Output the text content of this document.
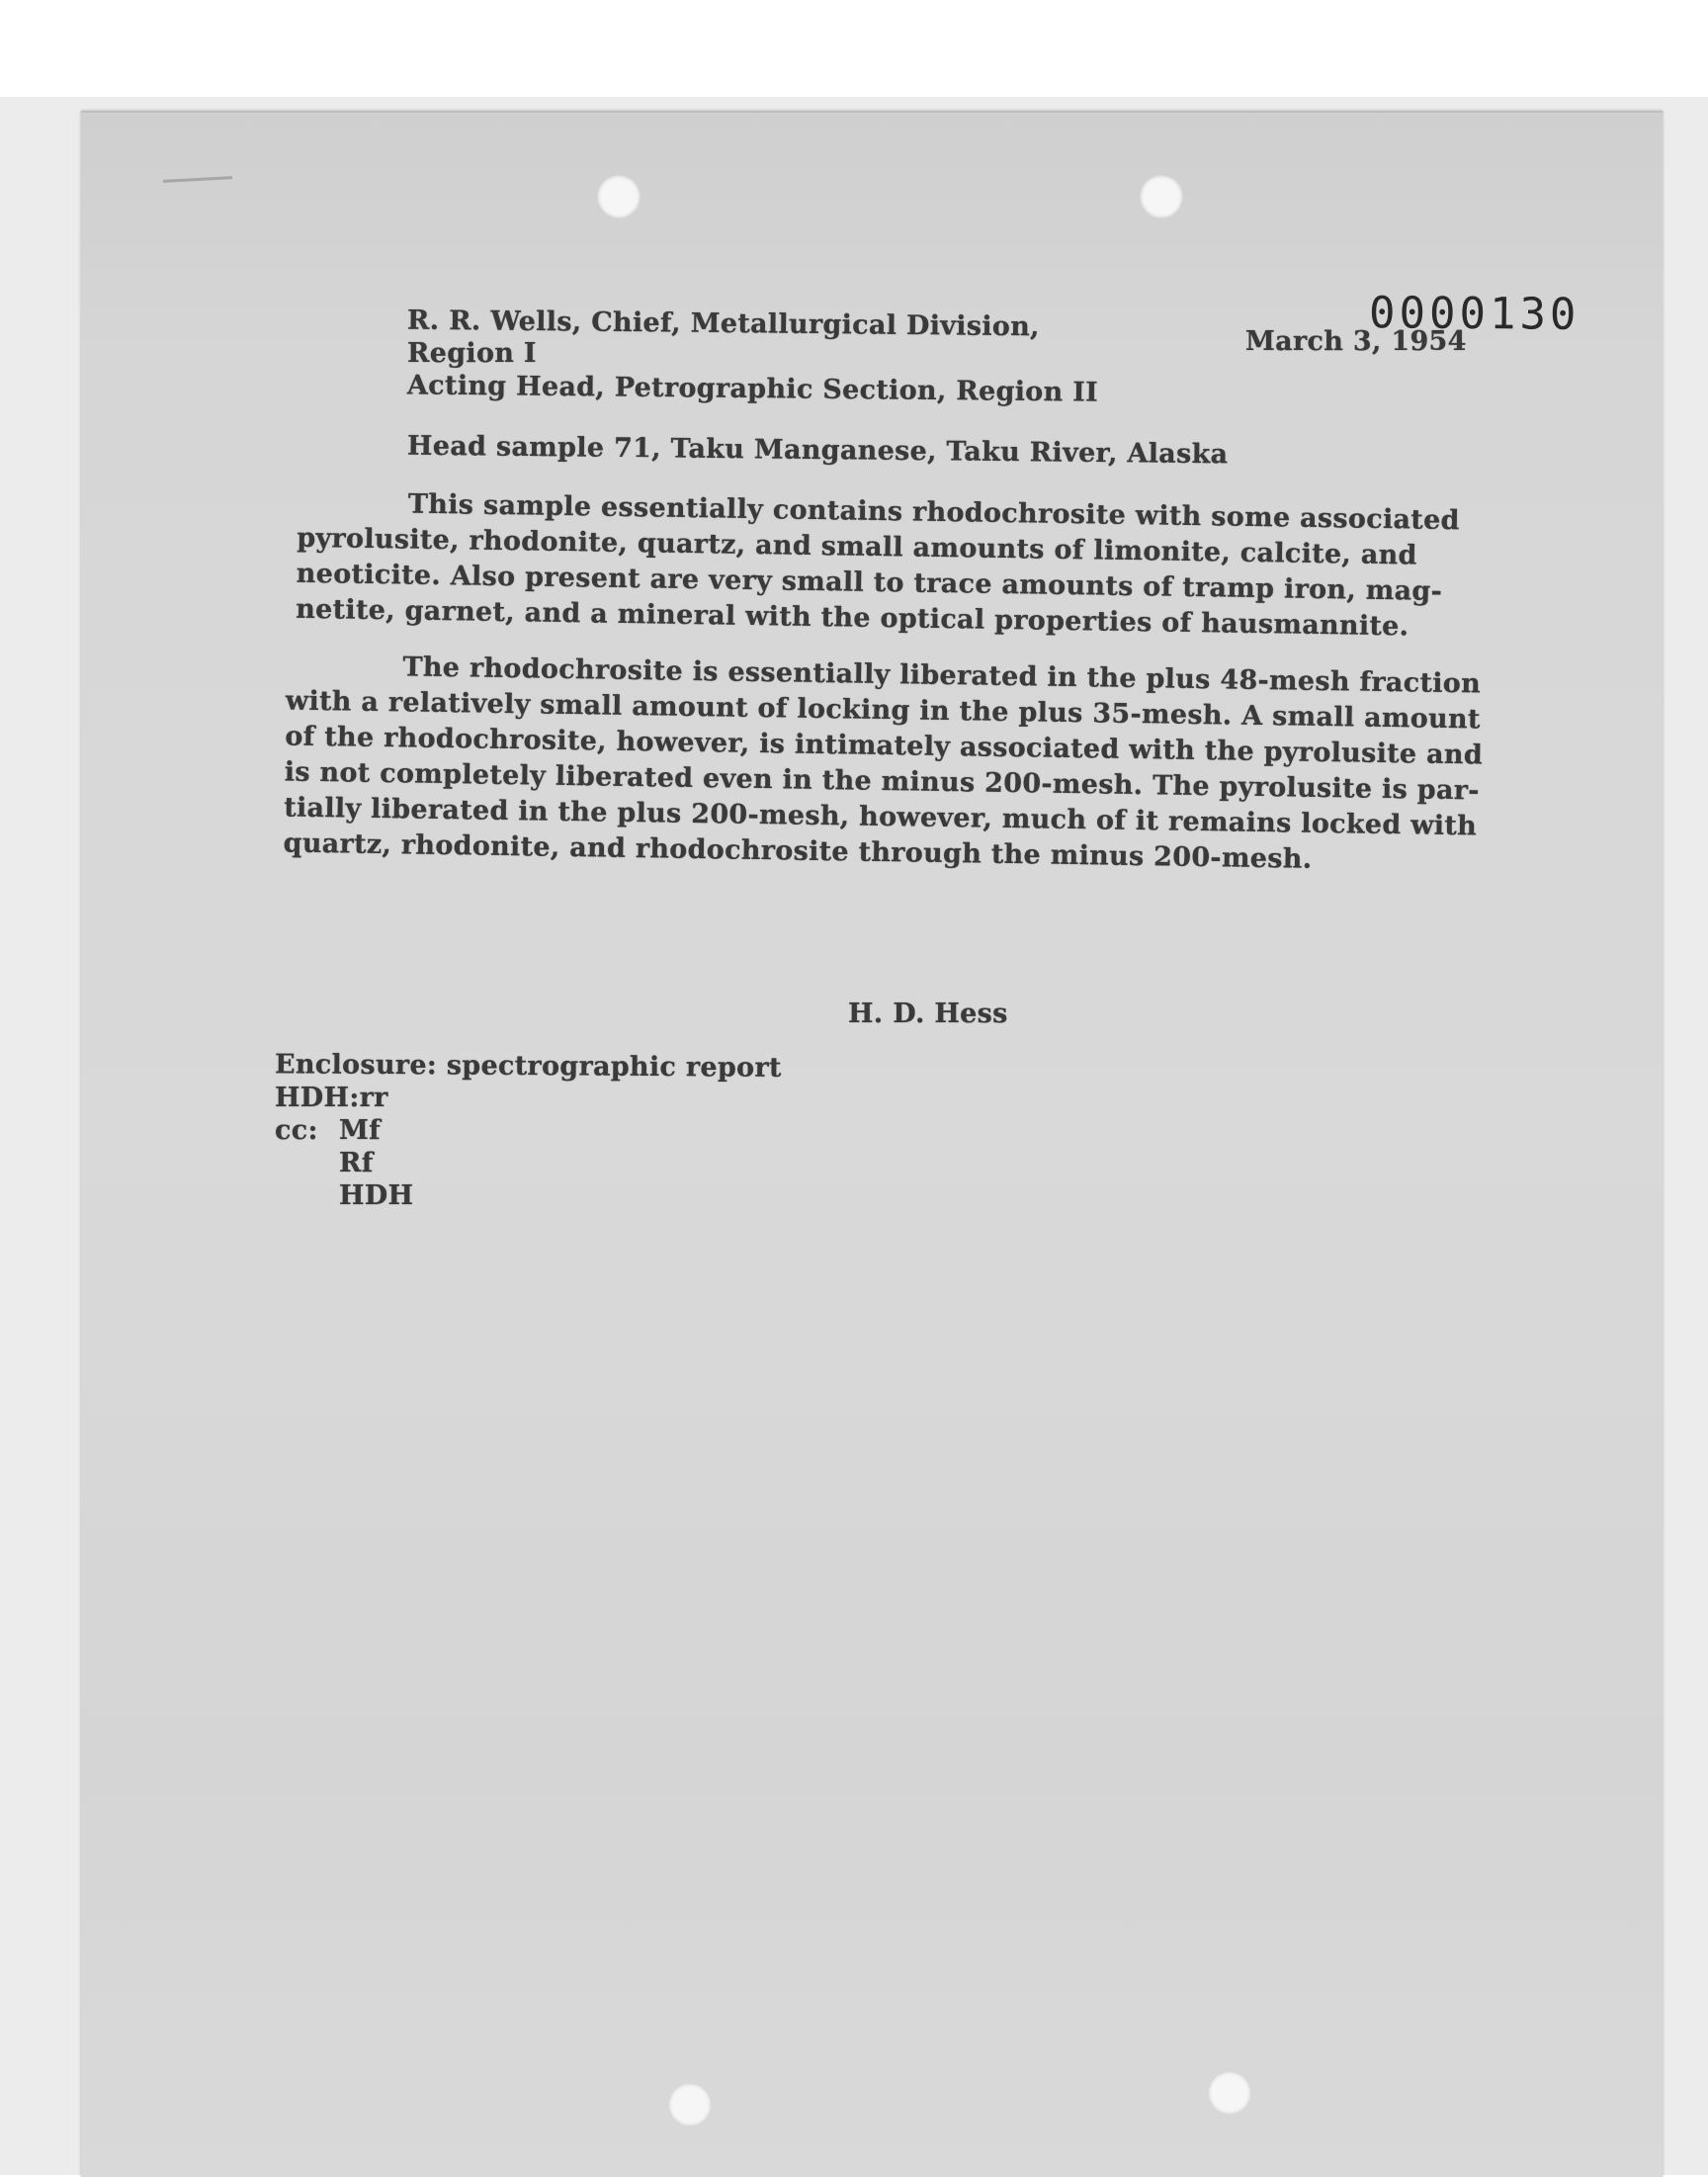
R. R. Wells, Chief, Metallurgical Division,
Region I
Acting Head, Petrographic Section, Region II
March 3, 1954
0000130
Head sample 71, Taku Manganese, Taku River, Alaska
This sample essentially contains rhodochrosite with some associated
pyrolusite, rhodonite, quartz, and small amounts of limonite, calcite, and
neoticite. Also present are very small to trace amounts of tramp iron, mag-
netite, garnet, and a mineral with the optical properties of hausmannite.
The rhodochrosite is essentially liberated in the plus 48-mesh fraction
with a relatively small amount of locking in the plus 35-mesh. A small amount
of the rhodochrosite, however, is intimately associated with the pyrolusite and
is not completely liberated even in the minus 200-mesh. The pyrolusite is par-
tially liberated in the plus 200-mesh, however, much of it remains locked with
quartz, rhodonite, and rhodochrosite through the minus 200-mesh.
H. D. Hess
Enclosure: spectrographic report
HDH:rr
cc: Mf
Rf
HDH
